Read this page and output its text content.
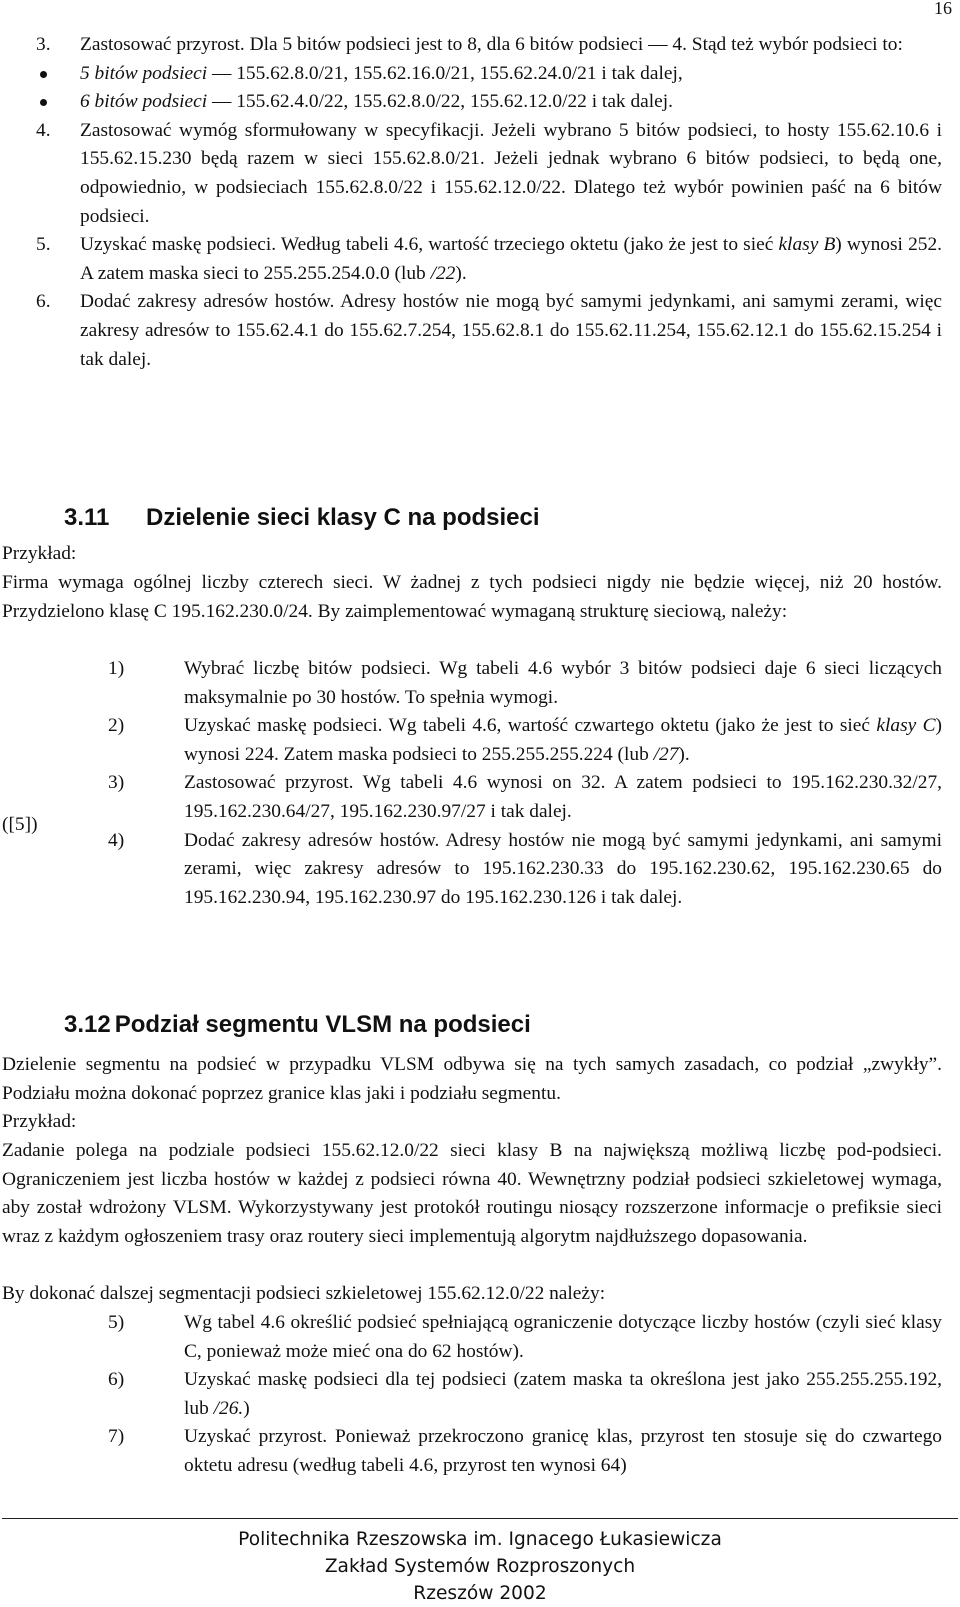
16
3. Zastosować przyrost. Dla 5 bitów podsieci jest to 8, dla 6 bitów podsieci — 4. Stąd też wybór podsieci to:
5 bitów podsieci — 155.62.8.0/21, 155.62.16.0/21, 155.62.24.0/21 i tak dalej,
6 bitów podsieci — 155.62.4.0/22, 155.62.8.0/22, 155.62.12.0/22 i tak dalej.
4. Zastosować wymóg sformułowany w specyfikacji. Jeżeli wybrano 5 bitów podsieci, to hosty 155.62.10.6 i 155.62.15.230 będą razem w sieci 155.62.8.0/21. Jeżeli jednak wybrano 6 bitów podsieci, to będą one, odpowiednio, w podsieciach 155.62.8.0/22 i 155.62.12.0/22. Dlatego też wybór powinien paść na 6 bitów podsieci.
5. Uzyskać maskę podsieci. Według tabeli 4.6, wartość trzeciego oktetu (jako że jest to sieć klasy B) wynosi 252. A zatem maska sieci to 255.255.254.0.0 (lub /22).
6. Dodać zakresy adresów hostów. Adresy hostów nie mogą być samymi jedynkami, ani samymi zerami, więc zakresy adresów to 155.62.4.1 do 155.62.7.254, 155.62.8.1 do 155.62.11.254, 155.62.12.1 do 155.62.15.254 i tak dalej.
([5])
3.11 Dzielenie sieci klasy C na podsieci
Przykład:
Firma wymaga ogólnej liczby czterech sieci. W żadnej z tych podsieci nigdy nie będzie więcej, niż 20 hostów. Przydzielono klasę C 195.162.230.0/24. By zaimplementować wymaganą strukturę sieciową, należy:
1)	Wybrać liczbę bitów podsieci. Wg tabeli 4.6 wybór 3 bitów podsieci daje 6 sieci liczących maksymalnie po 30 hostów. To spełnia wymogi.
2)	Uzyskać maskę podsieci. Wg tabeli 4.6, wartość czwartego oktetu (jako że jest to sieć klasy C) wynosi 224. Zatem maska podsieci to 255.255.255.224 (lub /27).
3)	Zastosować przyrost. Wg tabeli 4.6 wynosi on 32. A zatem podsieci to 195.162.230.32/27, 195.162.230.64/27, 195.162.230.97/27 i tak dalej.
4)	Dodać zakresy adresów hostów. Adresy hostów nie mogą być samymi jedynkami, ani samymi zerami, więc zakresy adresów to 195.162.230.33 do 195.162.230.62, 195.162.230.65 do 195.162.230.94, 195.162.230.97 do 195.162.230.126 i tak dalej.
3.12 Podział segmentu VLSM na podsieci
Dzielenie segmentu na podsieć w przypadku VLSM odbywa się na tych samych zasadach, co podział „zwykły”. Podziału można dokonać poprzez granice klas jaki i podziału segmentu.
Przykład:
Zadanie polega na podziale podsieci 155.62.12.0/22 sieci klasy B na największą możliwą liczbę pod-podsieci. Ograniczeniem jest liczba hostów w każdej z podsieci równa 40. Wewnętrzny podział podsieci szkieletowej wymaga, aby został wdrożony VLSM. Wykorzystywany jest protokół routingu niosący rozszerzone informacje o prefiksie sieci wraz z każdym ogłoszeniem trasy oraz routery sieci implementują algorytm najdłuższego dopasowania.
By dokonać dalszej segmentacji podsieci szkieletowej 155.62.12.0/22 należy:
5)	Wg tabel 4.6 określić podsieć spełniającą ograniczenie dotyczące liczby hostów (czyli sieć klasy C, ponieważ może mieć ona do 62 hostów).
6)	Uzyskać maskę podsieci dla tej podsieci (zatem maska ta określona jest jako 255.255.255.192, lub /26.)
7)	Uzyskać przyrost. Ponieważ przekroczono granicę klas, przyrost ten stosuje się do czwartego oktetu adresu (według tabeli 4.6, przyrost ten wynosi 64)
Politechnika Rzeszowska im. Ignacego Łukasiewicza
Zakład Systemów Rozproszonych
Rzeszów 2002
